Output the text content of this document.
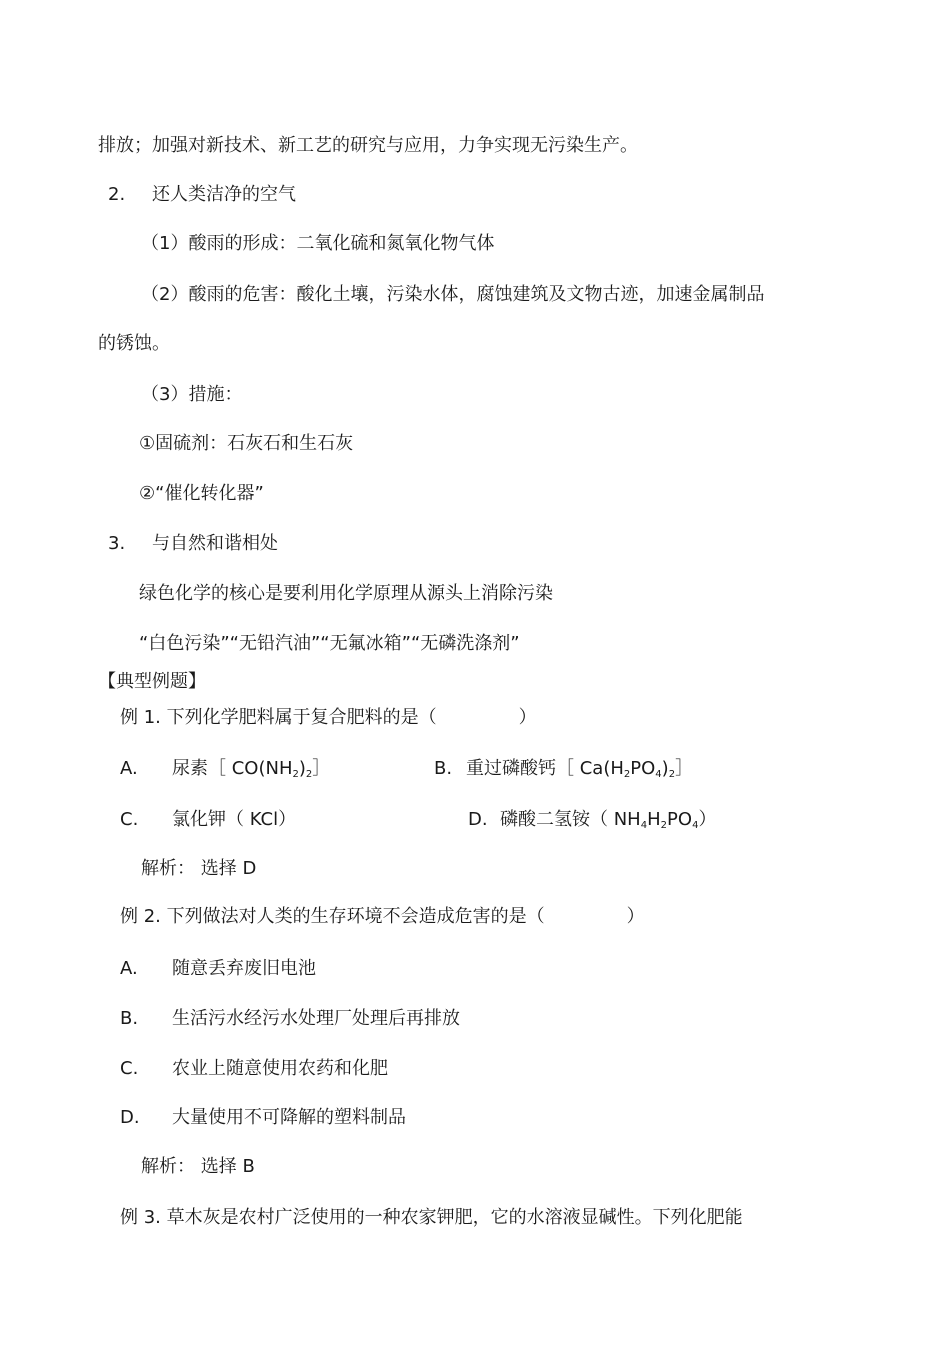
排放；加强对新技术、新工艺的研究与应用，力争实现无污染生产。
2. 还人类洁净的空气
（1）酸雨的形成：二氧化硫和氮氧化物气体
（2）酸雨的危害：酸化土壤，污染水体，腐蚀建筑及文物古迹，加速金属制品
的锈蚀。
（3）措施：
①固硫剂：石灰石和生石灰
②“催化转化器”
3. 与自然和谐相处
绿色化学的核心是要利用化学原理从源头上消除污染
“白色污染”“无铅汽油”“无氟冰箱”“无磷洗涤剂”
【典型例题】
例 1. 下列化学肥料属于复合肥料的是（	）
A. 尿素［ $CO(NH_2)_2]$	B. 重过磷酸钙［ $Ca(H_2PO_4)_2]$
C. 氯化钾（ KCl）	D. 磷酸二氢铵（ $NH_4H_2PO_4$）
解析： 选择 D
例 2. 下列做法对人类的生存环境不会造成危害的是（	）
A. 随意丢弃废旧电池
B. 生活污水经污水处理厂处理后再排放
C. 农业上随意使用农药和化肥
D. 大量使用不可降解的塑料制品
解析： 选择 B
例 3. 草木灰是农村广泛使用的一种农家钾肥，它的水溶液显碱性。下列化肥能
